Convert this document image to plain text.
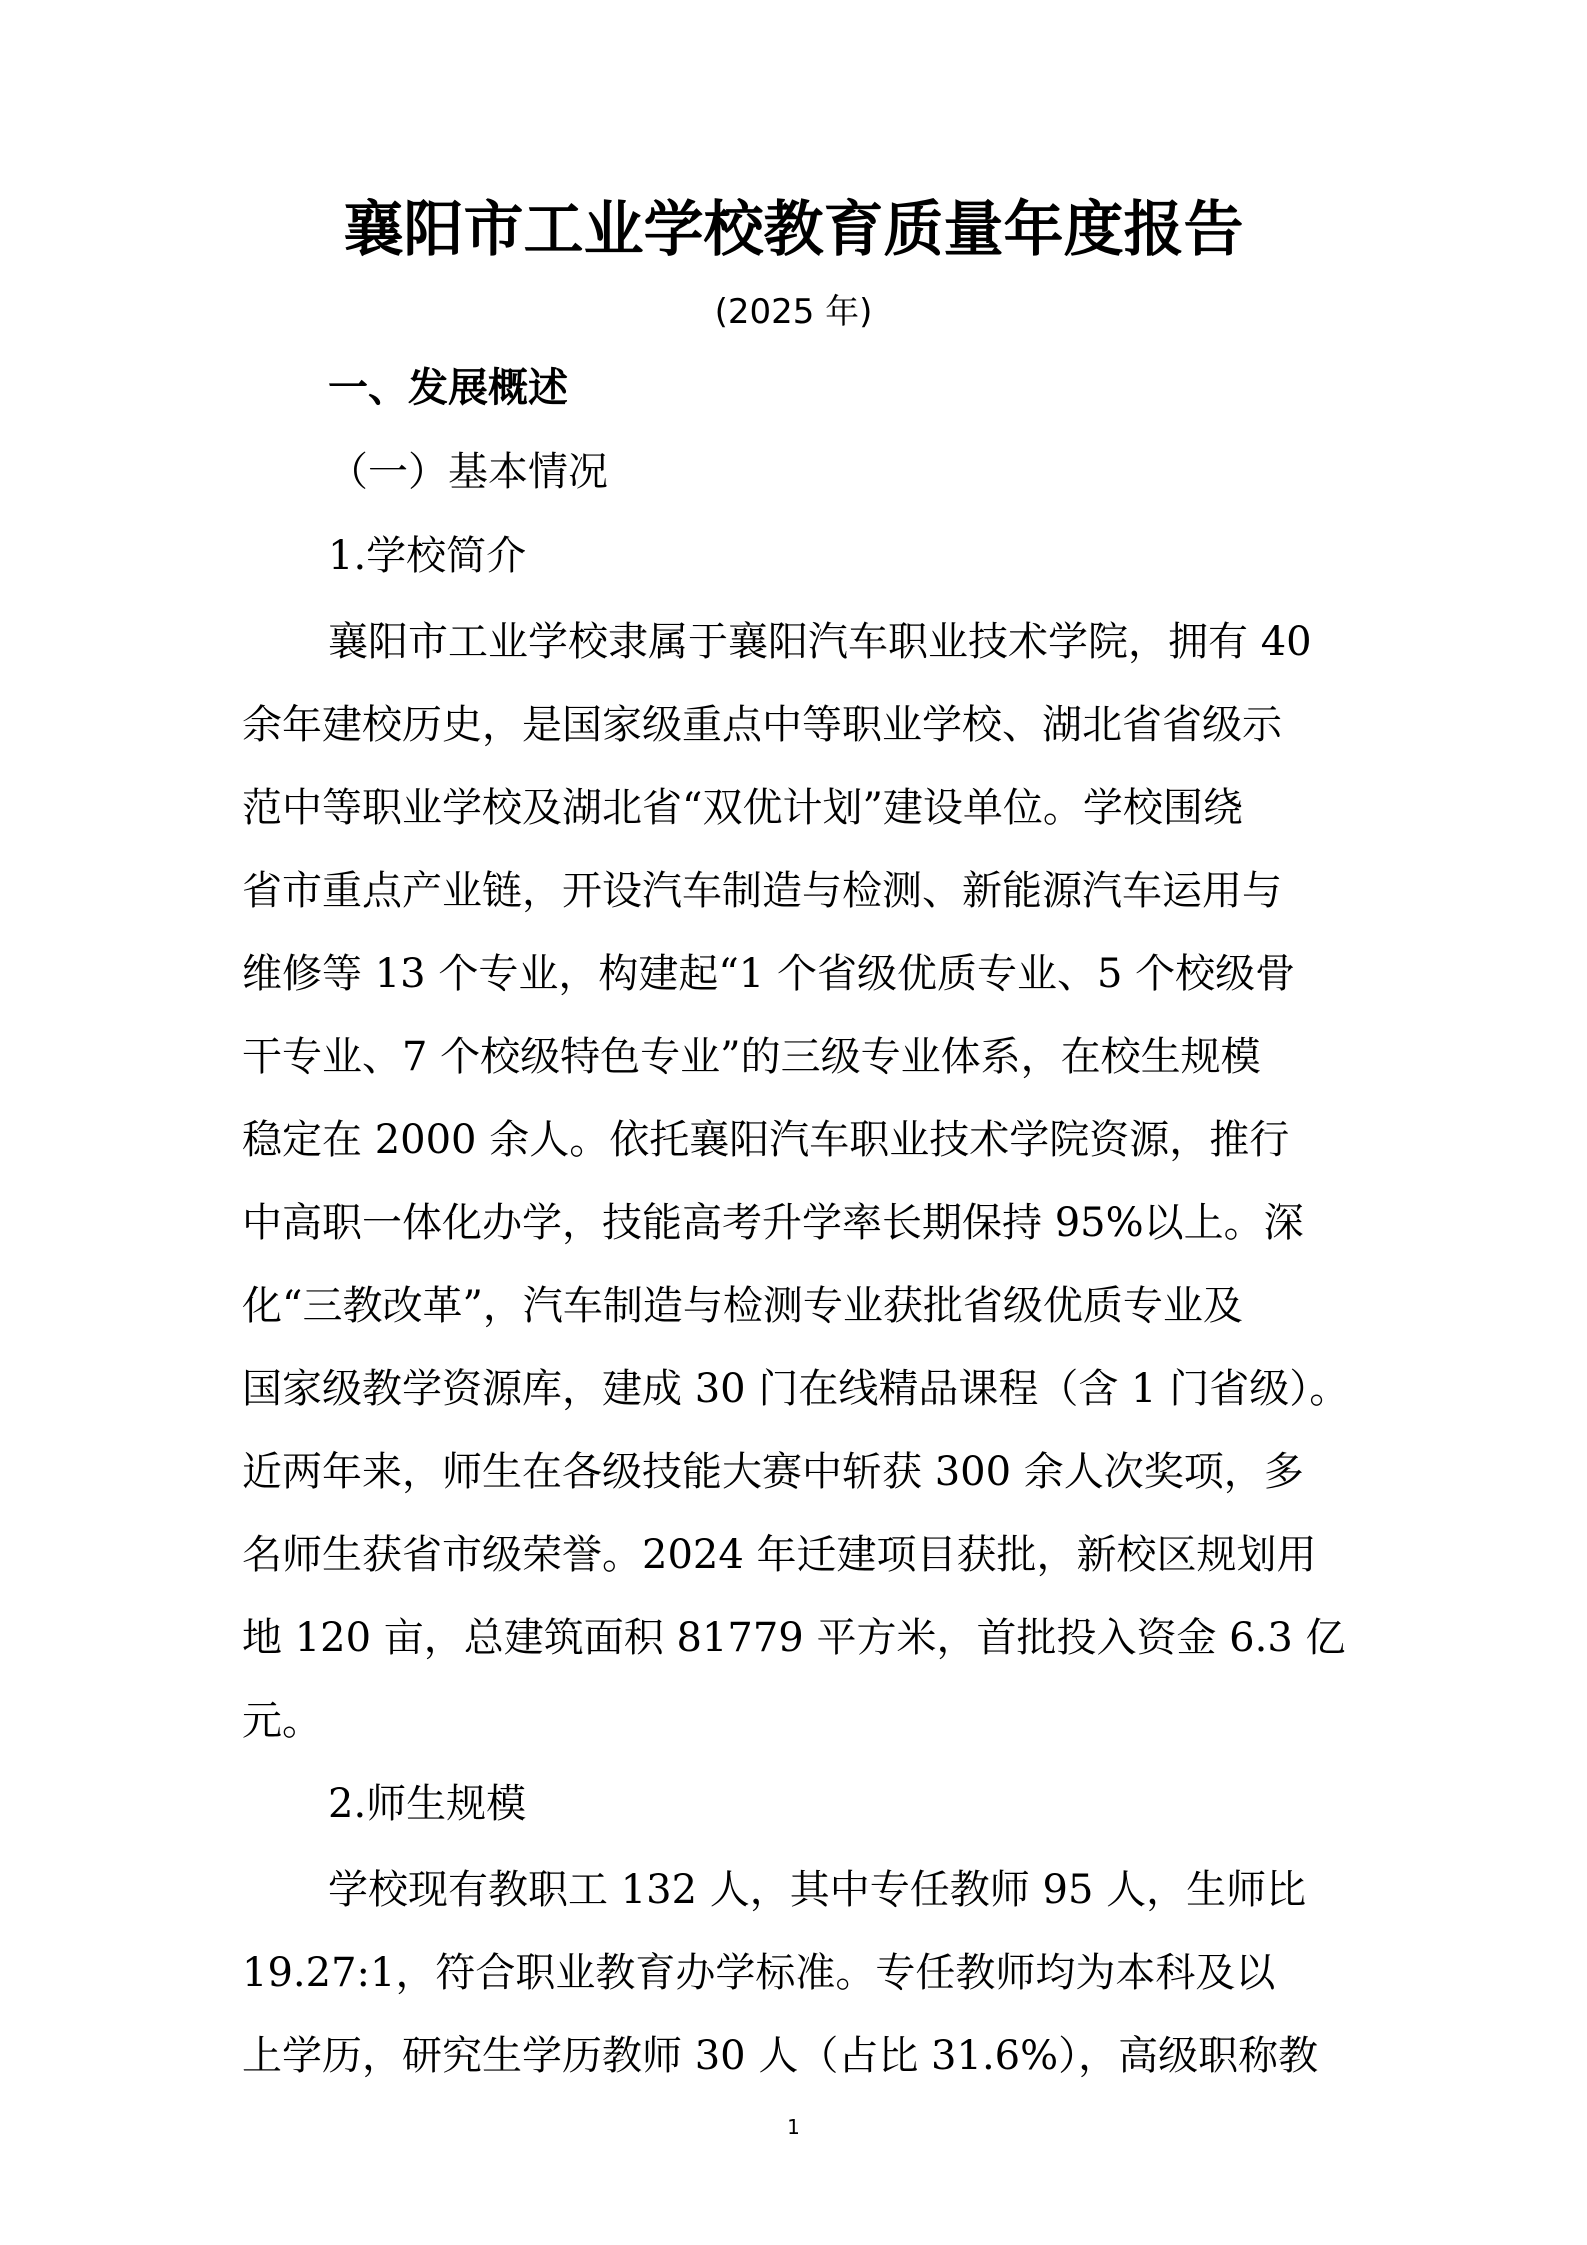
襄阳市工业学校教育质量年度报告
(2025 年)
一、发展概述
（一）基本情况
1.学校简介
襄阳市工业学校隶属于襄阳汽车职业技术学院，拥有 40
余年建校历史，是国家级重点中等职业学校、湖北省省级示
范中等职业学校及湖北省“双优计划”建设单位。学校围绕
省市重点产业链，开设汽车制造与检测、新能源汽车运用与
维修等 13 个专业，构建起“1 个省级优质专业、5 个校级骨
干专业、7 个校级特色专业”的三级专业体系，在校生规模
稳定在 2000 余人。依托襄阳汽车职业技术学院资源，推行
中高职一体化办学，技能高考升学率长期保持 95%以上。深
化“三教改革”，汽车制造与检测专业获批省级优质专业及
国家级教学资源库，建成 30 门在线精品课程（含 1 门省级）。
近两年来，师生在各级技能大赛中斩获 300 余人次奖项，多
名师生获省市级荣誉。2024 年迁建项目获批，新校区规划用
地 120 亩，总建筑面积 81779 平方米，首批投入资金 6.3 亿
元。
2.师生规模
学校现有教职工 132 人，其中专任教师 95 人，生师比
19.27:1，符合职业教育办学标准。专任教师均为本科及以
上学历，研究生学历教师 30 人（占比 31.6%），高级职称教
1
